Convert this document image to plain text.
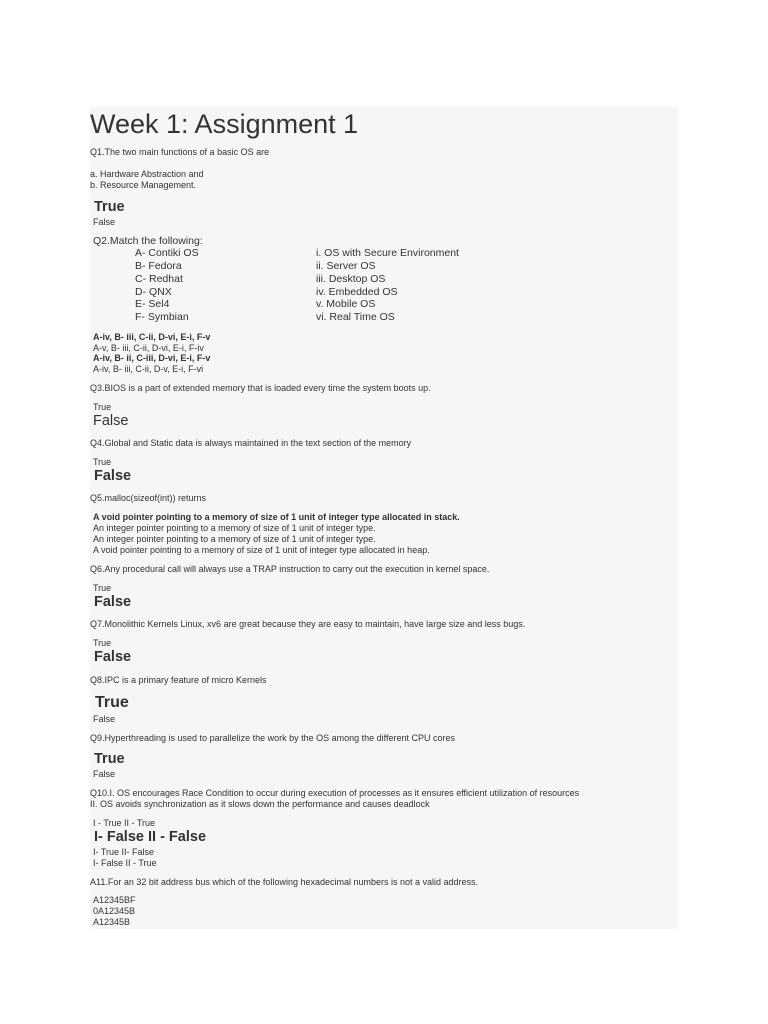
Week 1: Assignment 1
Q1.The two main functions of a basic OS are
a. Hardware Abstraction and
b. Resource Management.
True
False
Q2.Match the following:
A- Contiki OS
B- Fedora
C- Redhat
D- QNX
E- Sel4
F- Symbian
i. OS with Secure Environment
ii. Server OS
iii. Desktop OS
iv. Embedded OS
v. Mobile OS
vi. Real Time OS
A-iv, B- iii, C-ii, D-vi, E-i, F-v
A-v, B- iii, C-ii, D-vi, E-i, F-iv
A-iv, B- ii, C-iii, D-vi, E-i, F-v
A-iv, B- iii, C-ii, D-v, E-i, F-vi
Q3.BIOS is a part of extended memory that is loaded every time the system boots up.
True
False
Q4.Global and Static data is always maintained in the text section of the memory
True
False
Q5.malloc(sizeof(int)) returns
A void pointer pointing to a memory of size of 1 unit of integer type allocated in stack.
An integer pointer pointing to a memory of size of 1 unit of integer type.
An integer pointer pointing to a memory of size of 1 unit of integer type.
A void pointer pointing to a memory of size of 1 unit of integer type allocated in heap.
Q6.Any procedural call will always use a TRAP instruction to carry out the execution in kernel space.
True
False
Q7.Monolithic Kernels Linux, xv6 are great because they are easy to maintain, have large size and less bugs.
True
False
Q8.IPC is a primary feature of micro Kernels
True
False
Q9.Hyperthreading is used to parallelize the work by the OS among the different CPU cores
True
False
Q10.I. OS encourages Race Condition to occur during execution of processes as it ensures efficient utilization of resources
II. OS avoids synchronization as it slows down the performance and causes deadlock
I - True II - True
I- False II - False
I- True II- False
I- False II - True
A11.For an 32 bit address bus which of the following hexadecimal numbers is not a valid address.
A12345BF
0A12345B
A12345B
